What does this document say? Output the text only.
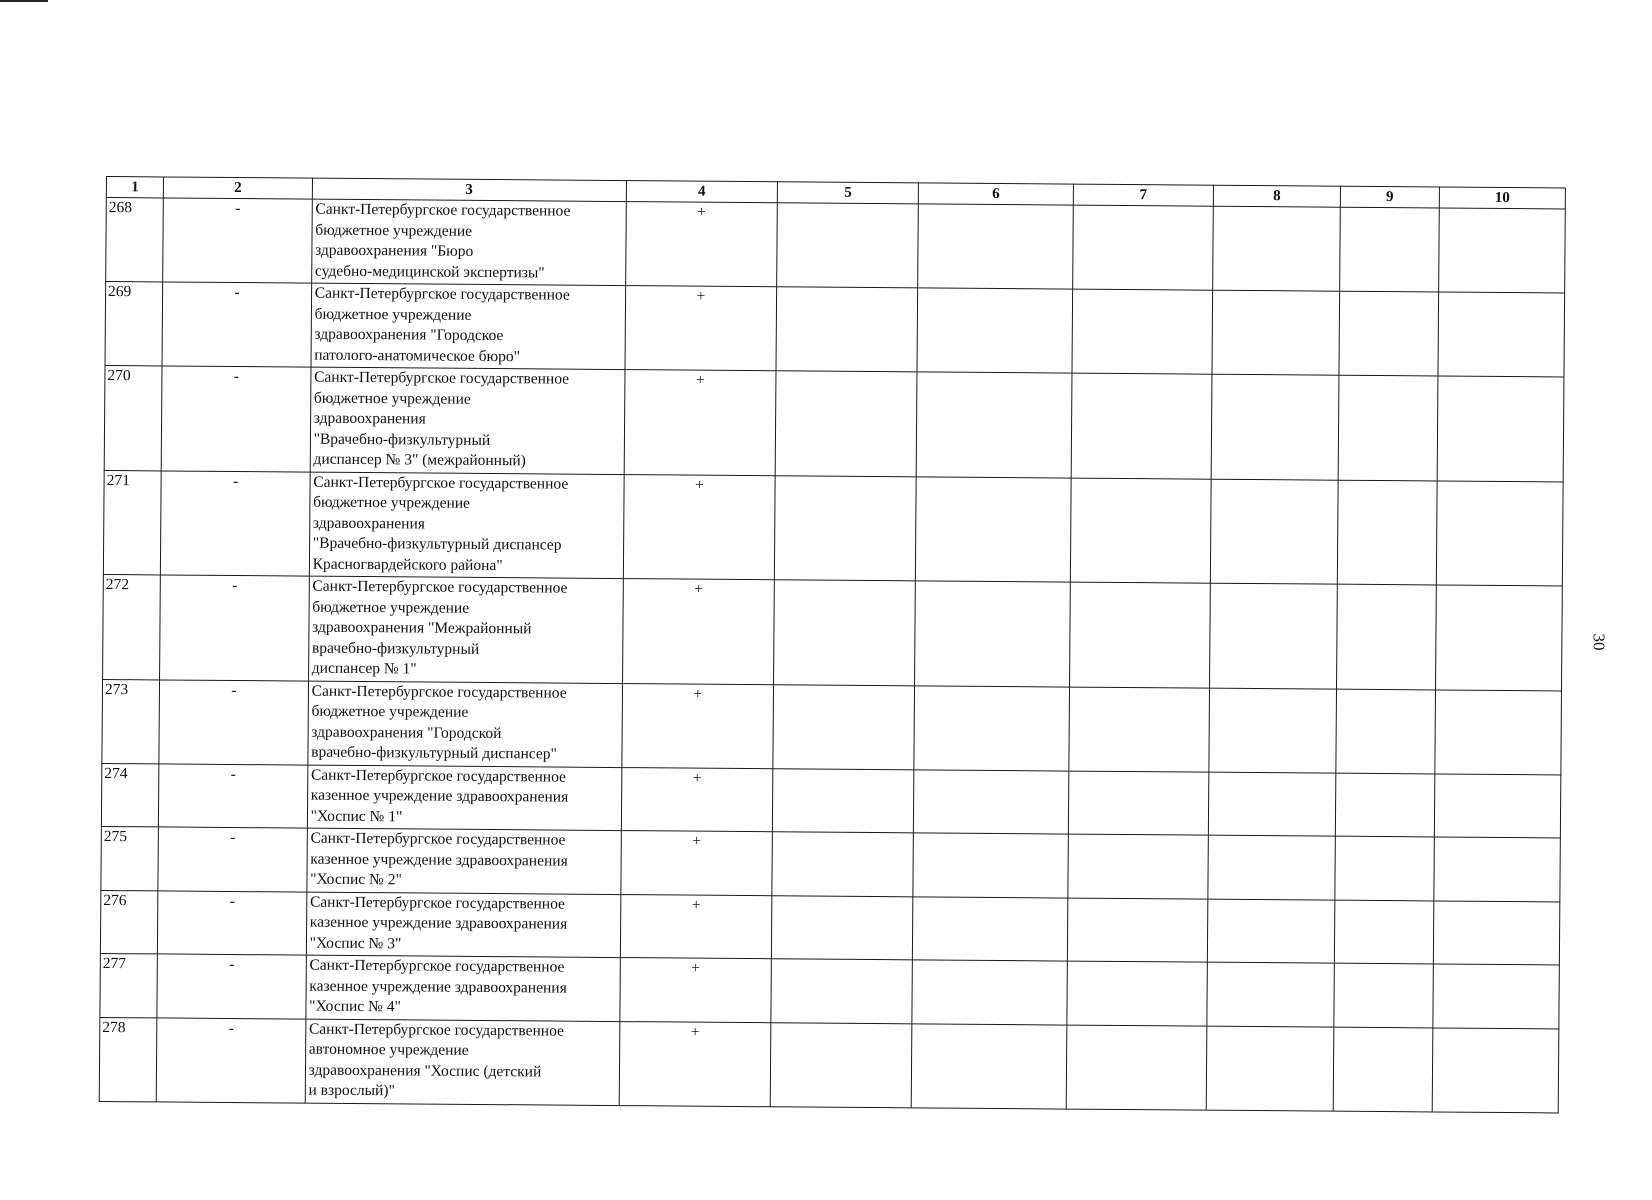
1	2	3	4	5	6	7	8	9	10
268	-	Санкт-Петербургское государственное
бюджетное учреждение
здравоохранения "Бюро
судебно-медицинской экспертизы"	+						
269	-	Санкт-Петербургское государственное
бюджетное учреждение
здравоохранения "Городское
патолого-анатомическое бюро"	+						
270	-	Санкт-Петербургское государственное
бюджетное учреждение
здравоохранения
"Врачебно-физкультурный
диспансер № 3" (межрайонный)	+						
271	-	Санкт-Петербургское государственное
бюджетное учреждение
здравоохранения
"Врачебно-физкультурный диспансер
Красногвардейского района"	+						
272	-	Санкт-Петербургское государственное
бюджетное учреждение
здравоохранения "Межрайонный
врачебно-физкультурный
диспансер № 1"	+						
273	-	Санкт-Петербургское государственное
бюджетное учреждение
здравоохранения "Городской
врачебно-физкультурный диспансер"	+						
274	-	Санкт-Петербургское государственное
казенное учреждение здравоохранения
"Хоспис № 1"	+						
275	-	Санкт-Петербургское государственное
казенное учреждение здравоохранения
"Хоспис № 2"	+						
276	-	Санкт-Петербургское государственное
казенное учреждение здравоохранения
"Хоспис № 3"	+						
277	-	Санкт-Петербургское государственное
казенное учреждение здравоохранения
"Хоспис № 4"	+						
278	-	Санкт-Петербургское государственное
автономное учреждение
здравоохранения "Хоспис (детский
и взрослый)"	+						
30
